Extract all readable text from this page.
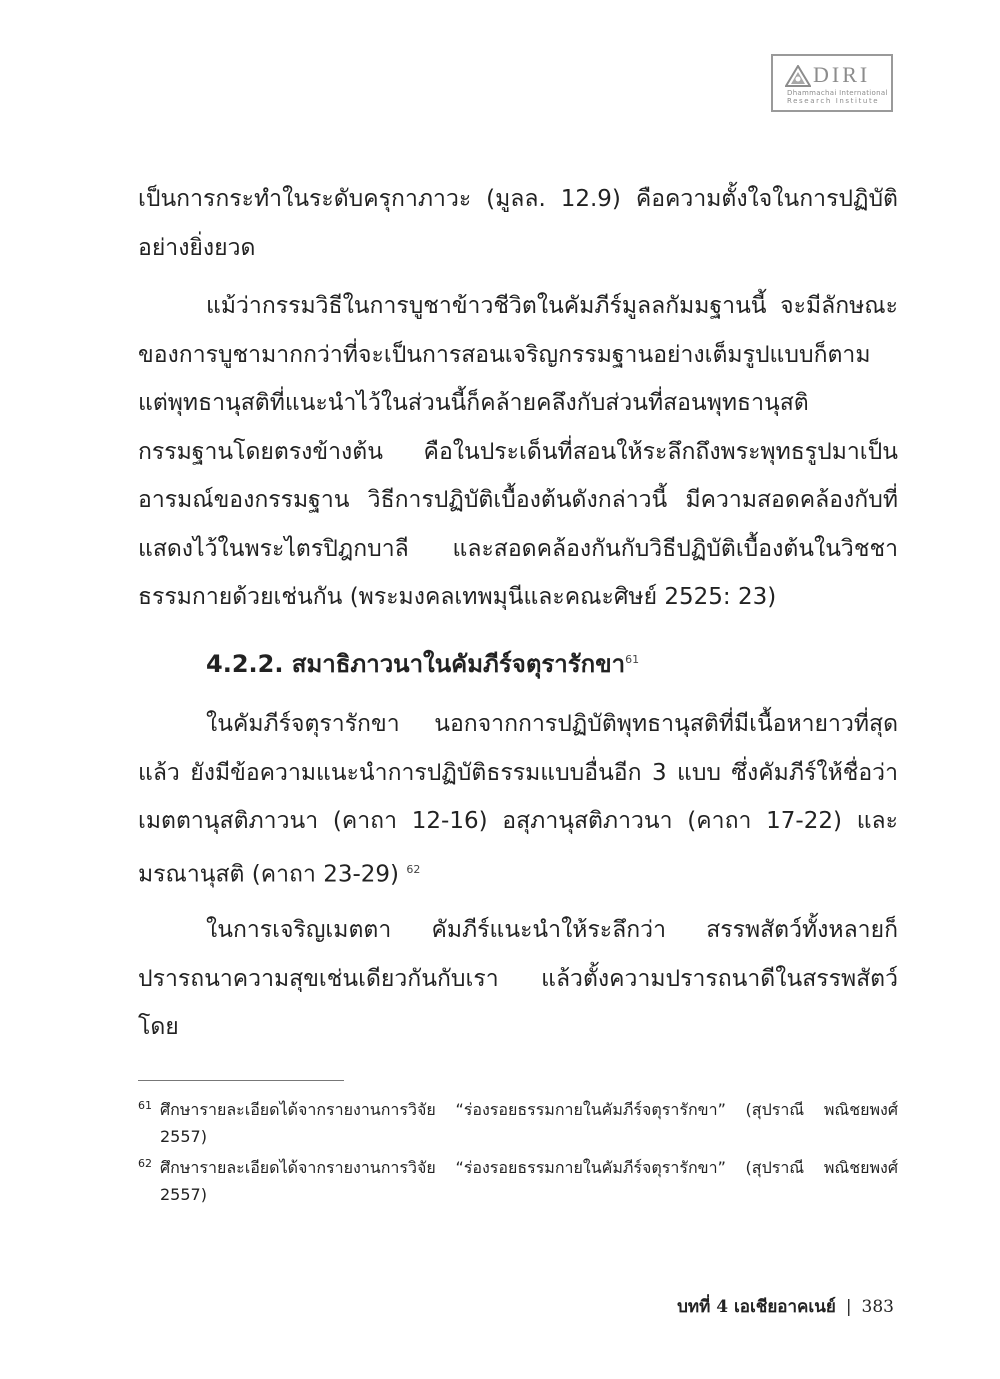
DIRI
Dhammachai International
Research Institute

เป็นการกระทำในระดับครุกาภาวะ (มูลล. 12.9) คือความตั้งใจในการปฏิบัติอย่างยิ่งยวด

แม้ว่ากรรมวิธีในการบูชาข้าวชีวิตในคัมภีร์มูลลกัมมฐานนี้ จะมีลักษณะของการบูชามากกว่าที่จะเป็นการสอนเจริญกรรมฐานอย่างเต็มรูปแบบก็ตาม แต่พุทธานุสติที่แนะนำไว้ในส่วนนี้ก็คล้ายคลึงกับส่วนที่สอนพุทธานุสติกรรมฐานโดยตรงข้างต้น คือในประเด็นที่สอนให้ระลึกถึงพระพุทธรูปมาเป็นอารมณ์ของกรรมฐาน วิธีการปฏิบัติเบื้องต้นดังกล่าวนี้ มีความสอดคล้องกับที่แสดงไว้ในพระไตรปิฎกบาลี และสอดคล้องกันกับวิธีปฏิบัติเบื้องต้นในวิชชาธรรมกายด้วยเช่นกัน (พระมงคลเทพมุนีและคณะศิษย์ 2525: 23)

4.2.2. สมาธิภาวนาในคัมภีร์จตุรารักขา$^{61}$

ในคัมภีร์จตุรารักขา นอกจากการปฏิบัติพุทธานุสติที่มีเนื้อหายาวที่สุดแล้ว ยังมีข้อความแนะนำการปฏิบัติธรรมแบบอื่นอีก 3 แบบ ซึ่งคัมภีร์ให้ชื่อว่า เมตตานุสติภาวนา (คาถา 12-16) อสุภานุสติภาวนา (คาถา 17-22) และมรณานุสติ (คาถา 23-29) $^{62}$

ในการเจริญเมตตา คัมภีร์แนะนำให้ระลึกว่า สรรพสัตว์ทั้งหลายก็ปรารถนาความสุขเช่นเดียวกันกับเรา แล้วตั้งความปรารถนาดีในสรรพสัตว์โดย

61 ศึกษารายละเอียดได้จากรายงานการวิจัย “ร่องรอยธรรมกายในคัมภีร์จตุรารักขา” (สุปราณี พณิชยพงศ์ 2557)

62 ศึกษารายละเอียดได้จากรายงานการวิจัย “ร่องรอยธรรมกายในคัมภีร์จตุรารักขา” (สุปราณี พณิชยพงศ์ 2557)

บทที่ 4 เอเชียอาคเนย์ | 383
